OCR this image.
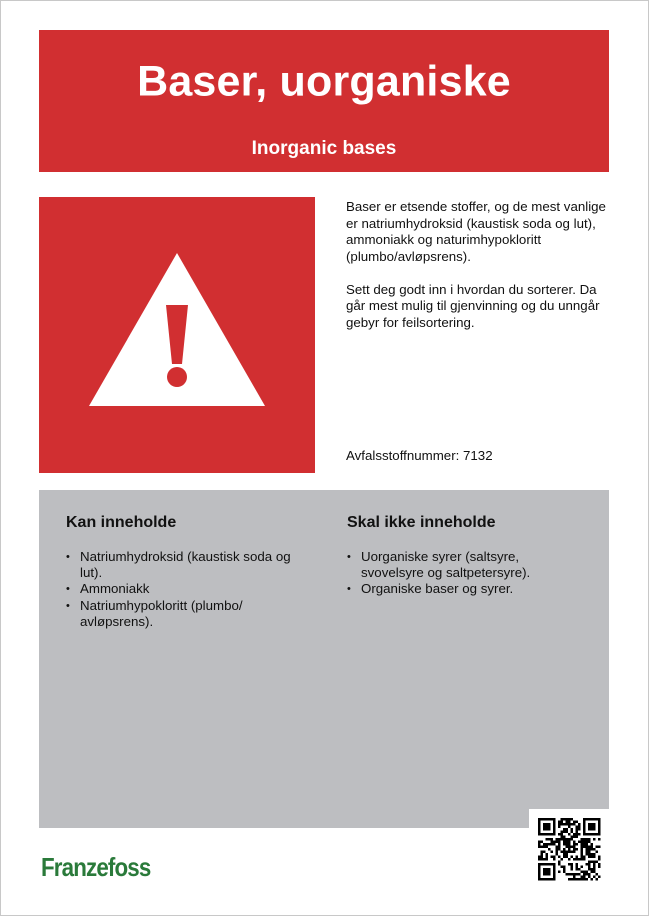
Baser, uorganiske
Inorganic bases

Baser er etsende stoffer, og de mest vanlige er natriumhydroksid (kaustisk soda og lut), ammoniakk og naturimhypokloritt (plumbo/avløpsrens).

Sett deg godt inn i hvordan du sorterer. Da går mest mulig til gjenvinning og du unngår gebyr for feilsortering.

Avfalsstoffnummer: 7132
Kan inneholde
• Natriumhydroksid (kaustisk soda og lut).
• Ammoniakk
• Natriumhypokloritt (plumbo/ avløpsrens).
Skal ikke inneholde
• Uorganiske syrer (saltsyre, svovelsyre og saltpetersyre).
• Organiske baser og syrer.
Franzefoss
